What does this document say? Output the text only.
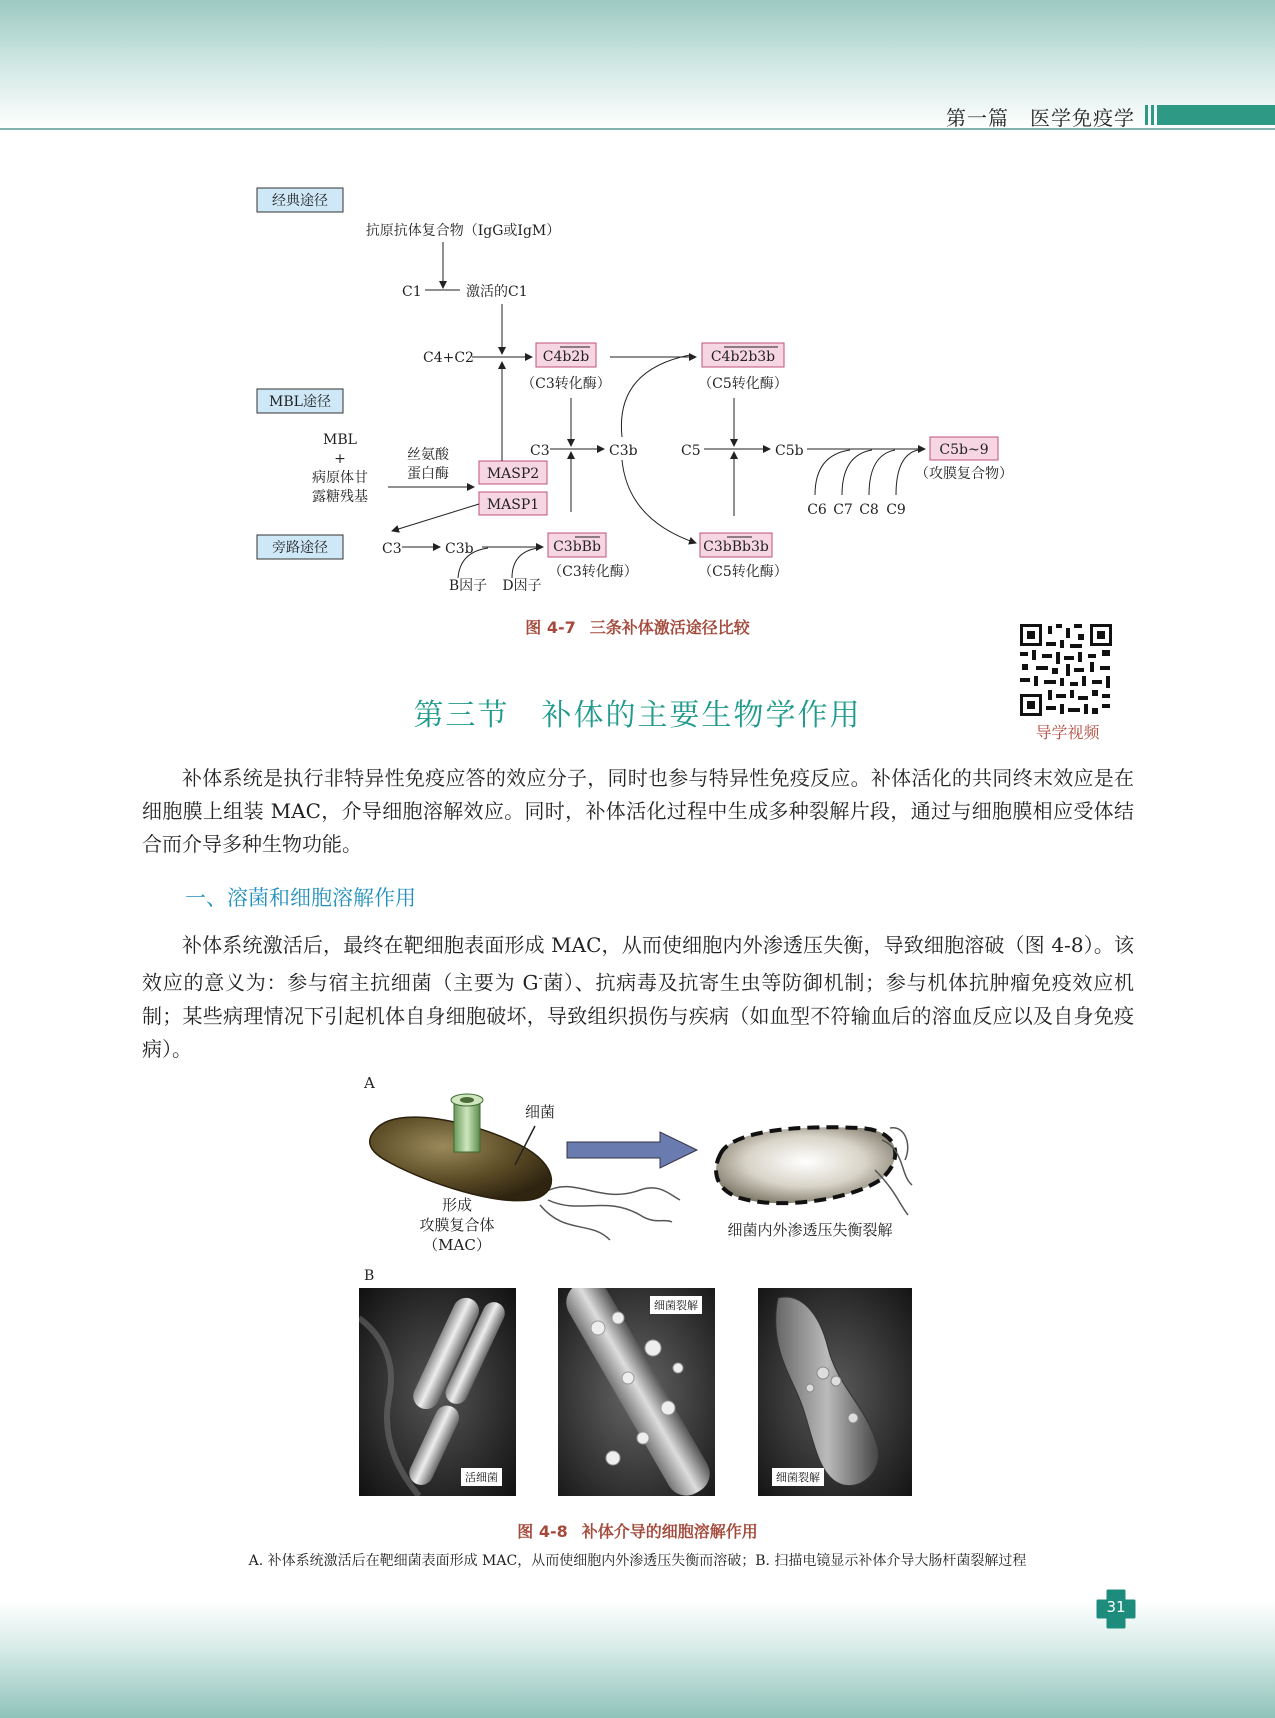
第一篇　医学免疫学
经典途径
MBL途径
旁路途径
抗原抗体复合物（IgG或IgM）
C1	激活的C1
C4+C2	C4b2b
（C3转化酶）
C4b2b3b
（C5转化酶）
MBL
+
病原体甘
露糖残基
丝氨酸
蛋白酶	MASP2
MASP1
C3	C3b	C5	C5b
C6 C7 C8 C9
C5b~9
（攻膜复合物）
C3	C3b
B因子 D因子
C3bBb
（C3转化酶）
C3bBb3b
（C5转化酶）
图 4-7 三条补体激活途径比较
导学视频
第三节　补体的主要生物学作用

补体系统是执行非特异性免疫应答的效应分子，同时也参与特异性免疫反应。补体活化的共同终末效应是在细胞膜上组装 MAC，介导细胞溶解效应。同时，补体活化过程中生成多种裂解片段，通过与细胞膜相应受体结合而介导多种生物功能。

一、溶菌和细胞溶解作用

补体系统激活后，最终在靶细胞表面形成 MAC，从而使细胞内外渗透压失衡，导致细胞溶破（图 4-8）。该效应的意义为：参与宿主抗细菌（主要为 G-菌）、抗病毒及抗寄生虫等防御机制；参与机体抗肿瘤免疫效应机制；某些病理情况下引起机体自身细胞破坏，导致组织损伤与疾病（如血型不符输血后的溶血反应以及自身免疫病）。

A
细菌
形成
攻膜复合体
（MAC）
细菌内外渗透压失衡裂解
B
活细菌
细菌裂解
细菌裂解
图 4-8 补体介导的细胞溶解作用
A. 补体系统激活后在靶细菌表面形成 MAC，从而使细胞内外渗透压失衡而溶破；B. 扫描电镜显示补体介导大肠杆菌裂解过程
31
